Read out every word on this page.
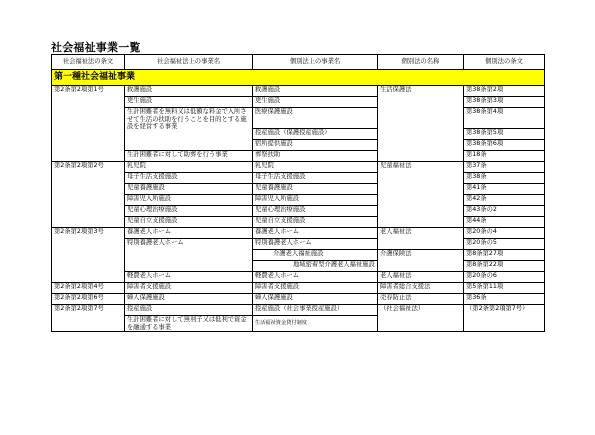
社会福祉事業一覧
社会福祉法の条文	社会福祉法上の事業名	個別法上の事業名	個別法の名称	個別法の条文
第一種社会福祉事業				
第2条第2項第1号	救護施設	救護施設	生活保護法	第38条第2項
	更生施設	更生施設		第38条第3項
	生計困難者を無料又は低額な料金で入所させて生活の扶助を行うことを目的とする施設を経営する事業	医療保護施設		第38条第4項
		授産施設（保護授産施設）		第38条第5項
		宿所提供施設		第38条第6項
	生計困難者に対して助葬を行う事業	葬祭扶助		第18条
第2条第2項第2号	乳児院	乳児院	児童福祉法	第37条
	母子生活支援施設	母子生活支援施設		第38条
	児童養護施設	児童養護施設		第41条
	障害児入所施設	障害児入所施設		第42条
	児童心理治療施設	児童心理治療施設		第43条の2
	児童自立支援施設	児童自立支援施設		第44条
第2条第2項第3号	養護老人ホーム	養護老人ホーム	老人福祉法	第20条の4
	特別養護老人ホーム	特別養護老人ホーム		第20条の5
		介護老人福祉施設	介護保険法	第8条第27項
		地域密着型介護老人福祉施設		第8条第22項
	軽費老人ホーム	軽費老人ホーム	老人福祉法	第20条の6
第2条第2項第4号	障害者支援施設	障害者支援施設	障害者総合支援法	第5条第11項
第2条第2項第6号	婦人保護施設	婦人保護施設	売春防止法	第36条
第2条第2項第7号	授産施設	授産施設（社会事業授産施設）	（社会福祉法）	（第2条第2項第7号）
	生計困難者に対して無利子又は低利で資金を融通する事業	生活福祉資金貸付制度		
